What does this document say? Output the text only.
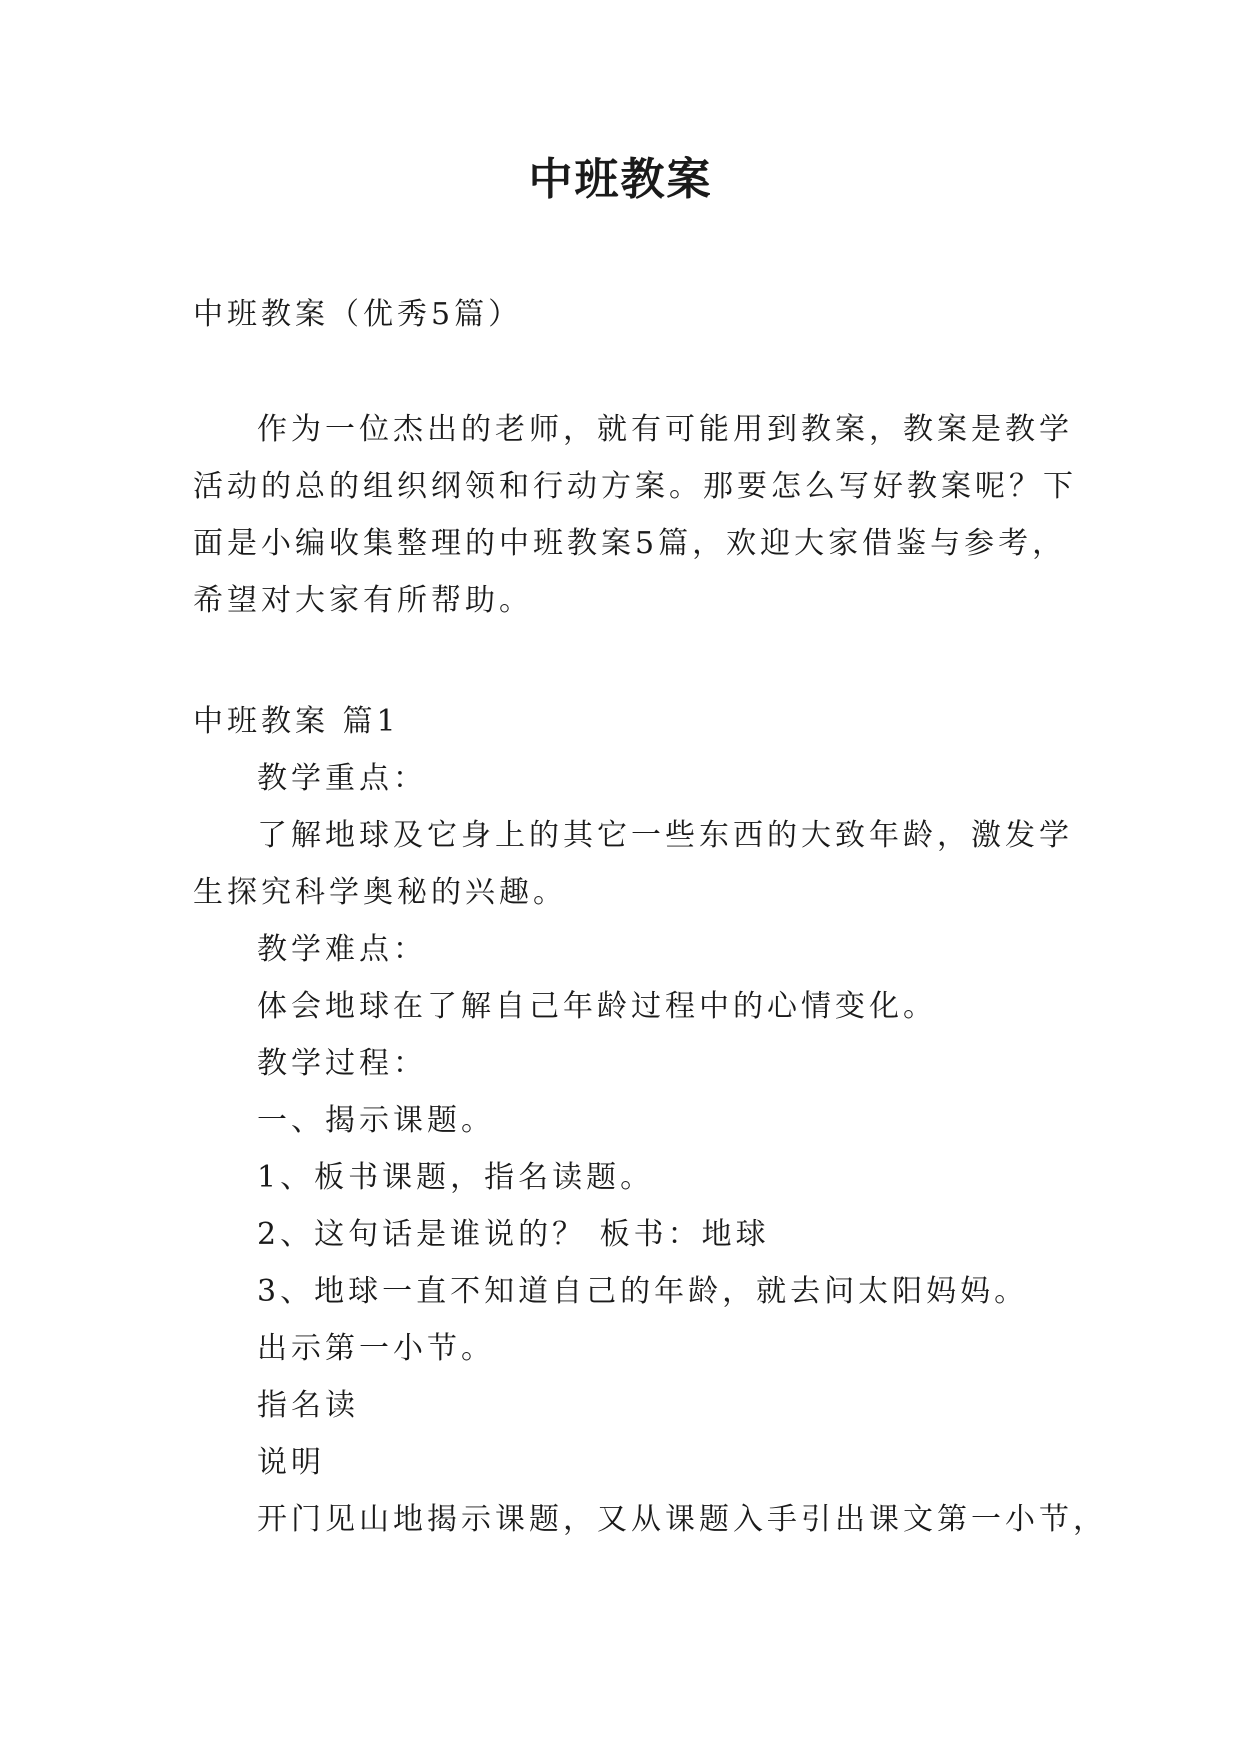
中班教案
中班教案（优秀5篇）
作为一位杰出的老师，就有可能用到教案，教案是教学
活动的总的组织纲领和行动方案。那要怎么写好教案呢？下
面是小编收集整理的中班教案5篇，欢迎大家借鉴与参考，
希望对大家有所帮助。
中班教案 篇1
教学重点：
了解地球及它身上的其它一些东西的大致年龄，激发学
生探究科学奥秘的兴趣。
教学难点：
体会地球在了解自己年龄过程中的心情变化。
教学过程：
一、揭示课题。
1、板书课题，指名读题。
2、这句话是谁说的？ 板书：地球
3、地球一直不知道自己的年龄，就去问太阳妈妈。
出示第一小节。
指名读
说明
开门见山地揭示课题，又从课题入手引出课文第一小节，
